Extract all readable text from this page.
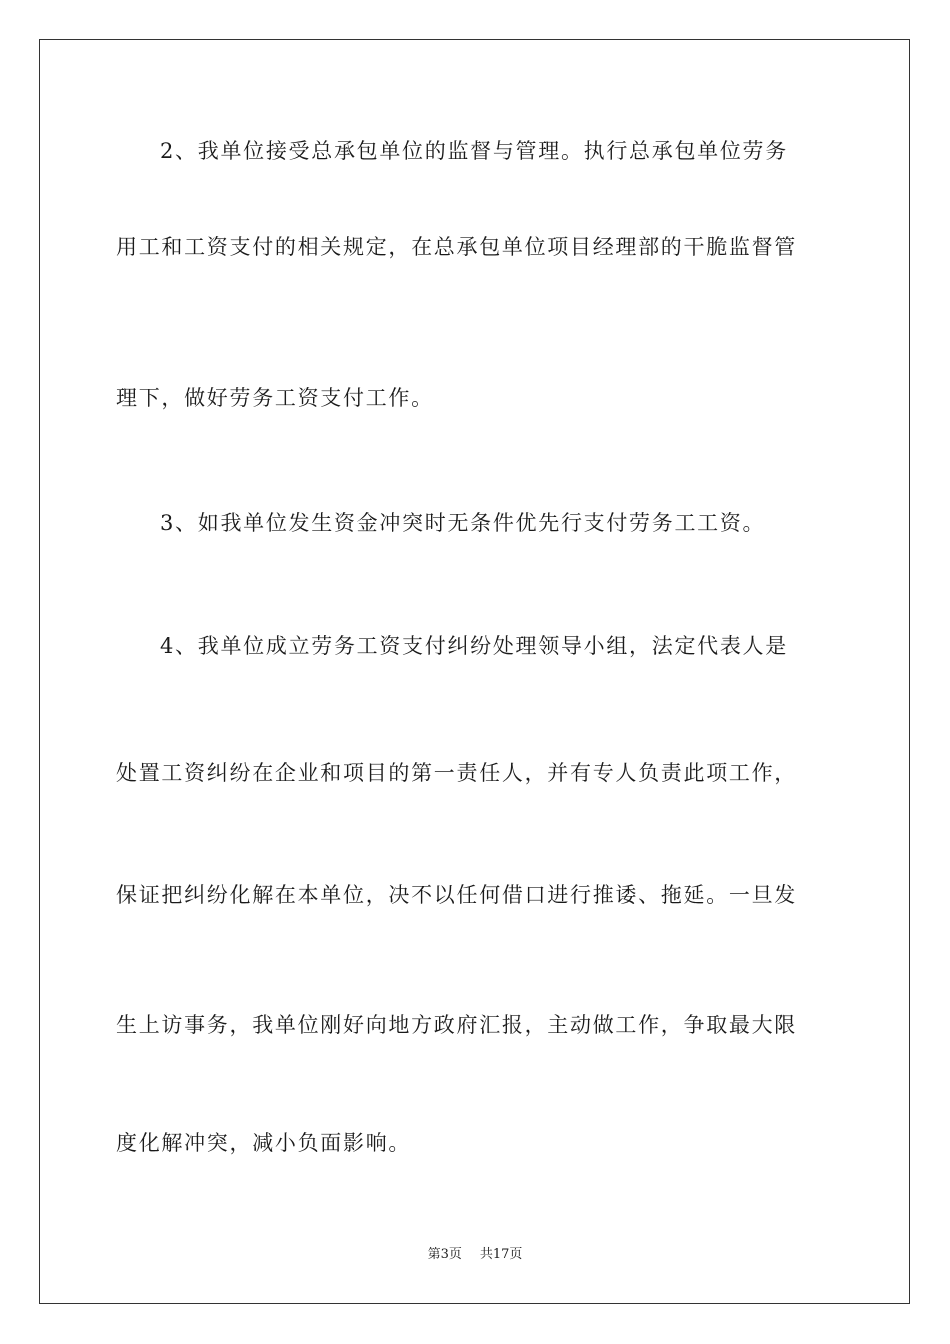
2、我单位接受总承包单位的监督与管理。执行总承包单位劳务
用工和工资支付的相关规定，在总承包单位项目经理部的干脆监督管
理下，做好劳务工资支付工作。
3、如我单位发生资金冲突时无条件优先行支付劳务工工资。
4、我单位成立劳务工资支付纠纷处理领导小组，法定代表人是
处置工资纠纷在企业和项目的第一责任人，并有专人负责此项工作，
保证把纠纷化解在本单位，决不以任何借口进行推诿、拖延。一旦发
生上访事务，我单位刚好向地方政府汇报，主动做工作，争取最大限
度化解冲突，减小负面影响。
第3页 共17页
